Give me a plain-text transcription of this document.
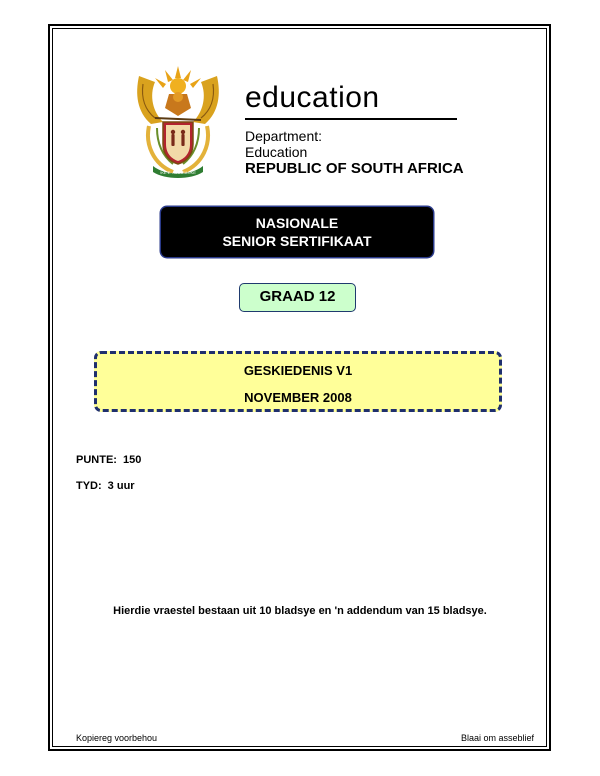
!KE E: /XARRA //KE
education
Department:
Education
REPUBLIC OF SOUTH AFRICA
NASIONALE
SENIOR SERTIFIKAAT
GRAAD 12
GESKIEDENIS V1
NOVEMBER 2008
PUNTE: 150
TYD: 3 uur
Hierdie vraestel bestaan uit 10 bladsye en 'n addendum van 15 bladsye.
Kopiereg voorbehou	Blaai om asseblief
